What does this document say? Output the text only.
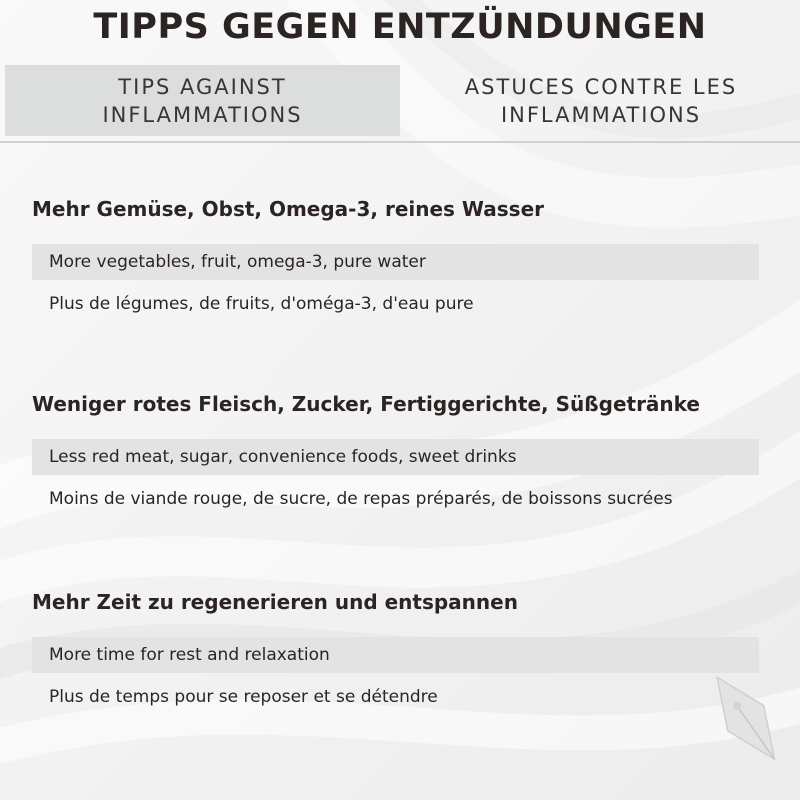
TIPPS GEGEN ENTZÜNDUNGEN
TIPS AGAINST
INFLAMMATIONS
ASTUCES CONTRE LES
INFLAMMATIONS
Mehr Gemüse, Obst, Omega-3, reines Wasser
More vegetables, fruit, omega-3, pure water
Plus de légumes, de fruits, d'oméga-3, d'eau pure
Weniger rotes Fleisch, Zucker, Fertiggerichte, Süßgetränke
Less red meat, sugar, convenience foods, sweet drinks
Moins de viande rouge, de sucre, de repas préparés, de boissons sucrées
Mehr Zeit zu regenerieren und entspannen
More time for rest and relaxation
Plus de temps pour se reposer et se détendre
